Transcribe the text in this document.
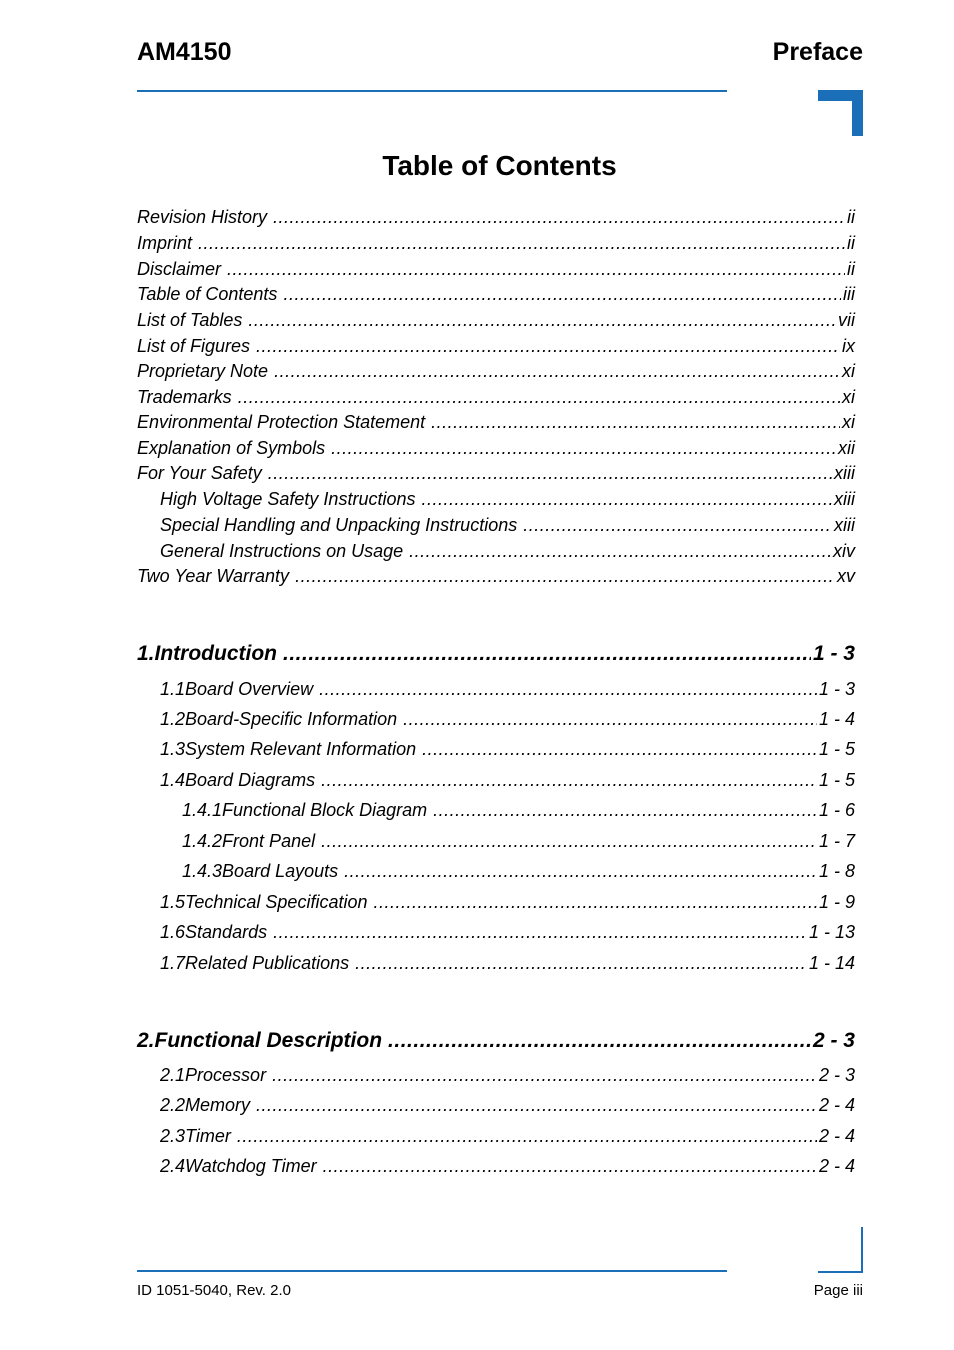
AM4150	Preface
Table of Contents
Revision History .....	ii
Imprint .....	ii
Disclaimer .....	ii
Table of Contents .....	iii
List of Tables .....	vii
List of Figures .....	ix
Proprietary Note .....	xi
Trademarks .....	xi
Environmental Protection Statement .....	xi
Explanation of Symbols .....	xii
For Your Safety .....	xiii
High Voltage Safety Instructions .....	xiii
Special Handling and Unpacking Instructions .....	xiii
General Instructions on Usage .....	xiv
Two Year Warranty .....	xv
1. Introduction .....	1 - 3
1.1 Board Overview .....	1 - 3
1.2 Board-Specific Information .....	1 - 4
1.3 System Relevant Information .....	1 - 5
1.4 Board Diagrams .....	1 - 5
1.4.1 Functional Block Diagram .....	1 - 6
1.4.2 Front Panel .....	1 - 7
1.4.3 Board Layouts .....	1 - 8
1.5 Technical Specification .....	1 - 9
1.6 Standards .....	1 - 13
1.7 Related Publications .....	1 - 14
2. Functional Description .....	2 - 3
2.1 Processor .....	2 - 3
2.2 Memory .....	2 - 4
2.3 Timer .....	2 - 4
2.4 Watchdog Timer .....	2 - 4
ID 1051-5040, Rev. 2.0	Page iii
